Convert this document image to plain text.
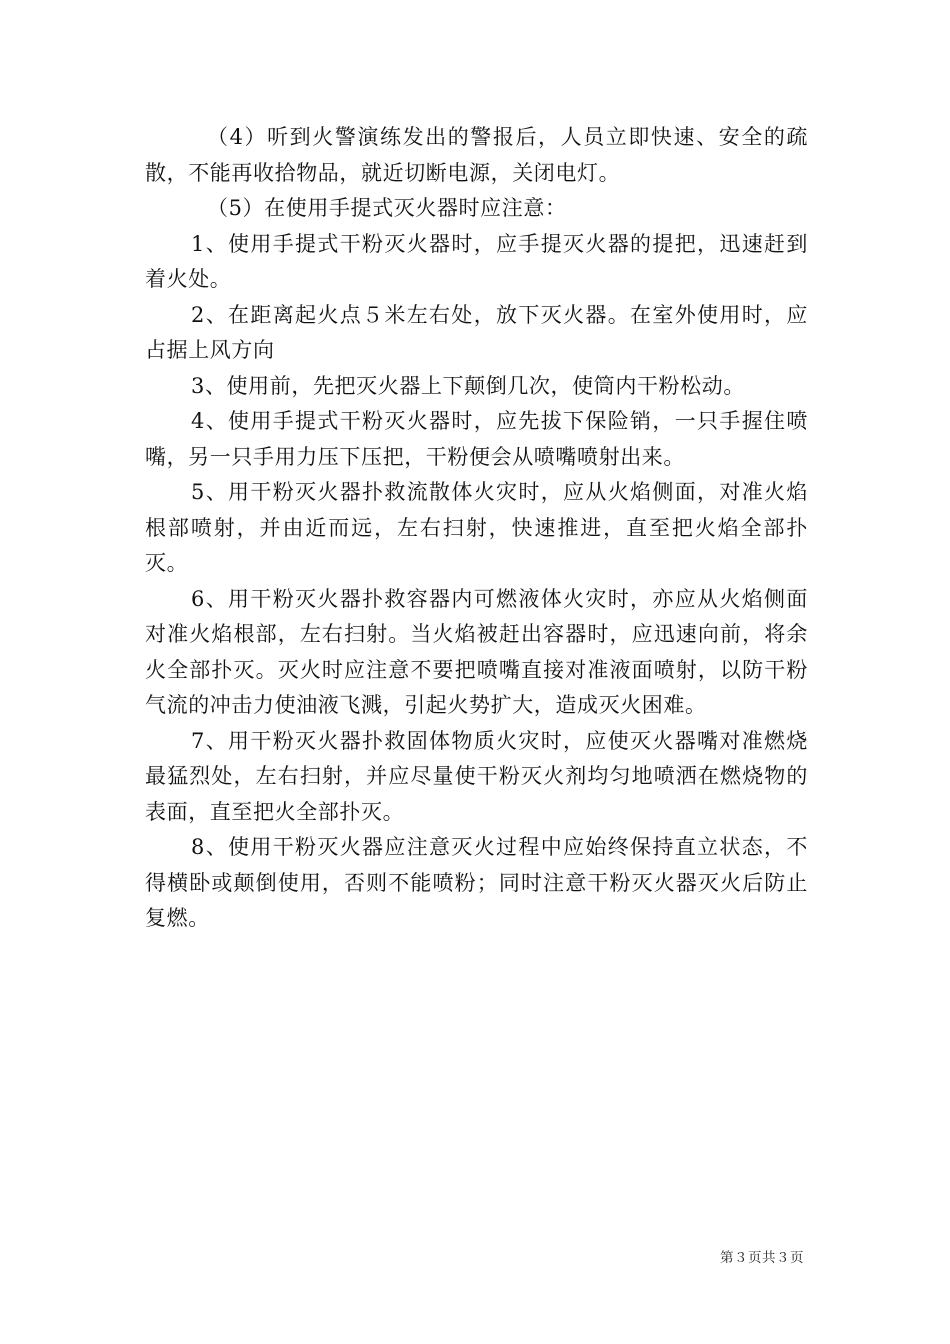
（4）听到火警演练发出的警报后，人员立即快速、安全的疏散，不能再收拾物品，就近切断电源，关闭电灯。

（5）在使用手提式灭火器时应注意：

1、使用手提式干粉灭火器时，应手提灭火器的提把，迅速赶到着火处。

2、在距离起火点５米左右处，放下灭火器。在室外使用时，应占据上风方向

3、使用前，先把灭火器上下颠倒几次，使筒内干粉松动。

4、使用手提式干粉灭火器时，应先拔下保险销，一只手握住喷嘴，另一只手用力压下压把，干粉便会从喷嘴喷射出来。

5、用干粉灭火器扑救流散体火灾时，应从火焰侧面，对准火焰根部喷射，并由近而远，左右扫射，快速推进，直至把火焰全部扑灭。

6、用干粉灭火器扑救容器内可燃液体火灾时，亦应从火焰侧面对准火焰根部，左右扫射。当火焰被赶出容器时，应迅速向前，将余火全部扑灭。灭火时应注意不要把喷嘴直接对准液面喷射，以防干粉气流的冲击力使油液飞溅，引起火势扩大，造成灭火困难。

7、用干粉灭火器扑救固体物质火灾时，应使灭火器嘴对准燃烧最猛烈处，左右扫射，并应尽量使干粉灭火剂均匀地喷洒在燃烧物的表面，直至把火全部扑灭。

8、使用干粉灭火器应注意灭火过程中应始终保持直立状态，不得横卧或颠倒使用，否则不能喷粉；同时注意干粉灭火器灭火后防止复燃。

第３页共３页
